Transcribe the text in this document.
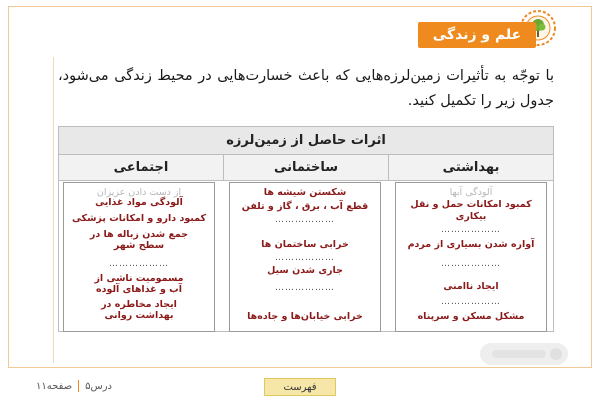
علم و زندگی

با توجّه به تأثیرات زمین‌لرزه‌هایی که باعث خسارت‌هایی در محیط زندگی می‌شود، جدول زیر را تکمیل کنید.

اثرات حاصل از زمین‌لرزه
بهداشتی
ساختمانی
اجتماعی
آلودگی آبها
کمبود امکانات حمل و نقل
بیکاری
………………
آواره شدن بسیاری از مردم
………………
ایجاد ناامنی
………………
مشکل مسکن و سرپناه
شکستن شیشه ها
قطع آب ، برق ، گاز و تلفن
………………
خرابی ساختمان ها
………………
جاری شدن سیل
………………
خرابی خیابان‌ها و جاده‌ها
از دست دادن عزیزان
آلودگی مواد غذایی
کمبود دارو و امکانات پزشکی
جمع شدن زباله ها در سطح شهر
………………
مسمومیت ناشی از آب و غذاهای آلوده
ایجاد مخاطره در بهداشت روانی
فهرست
درس۵
صفحه۱۱
